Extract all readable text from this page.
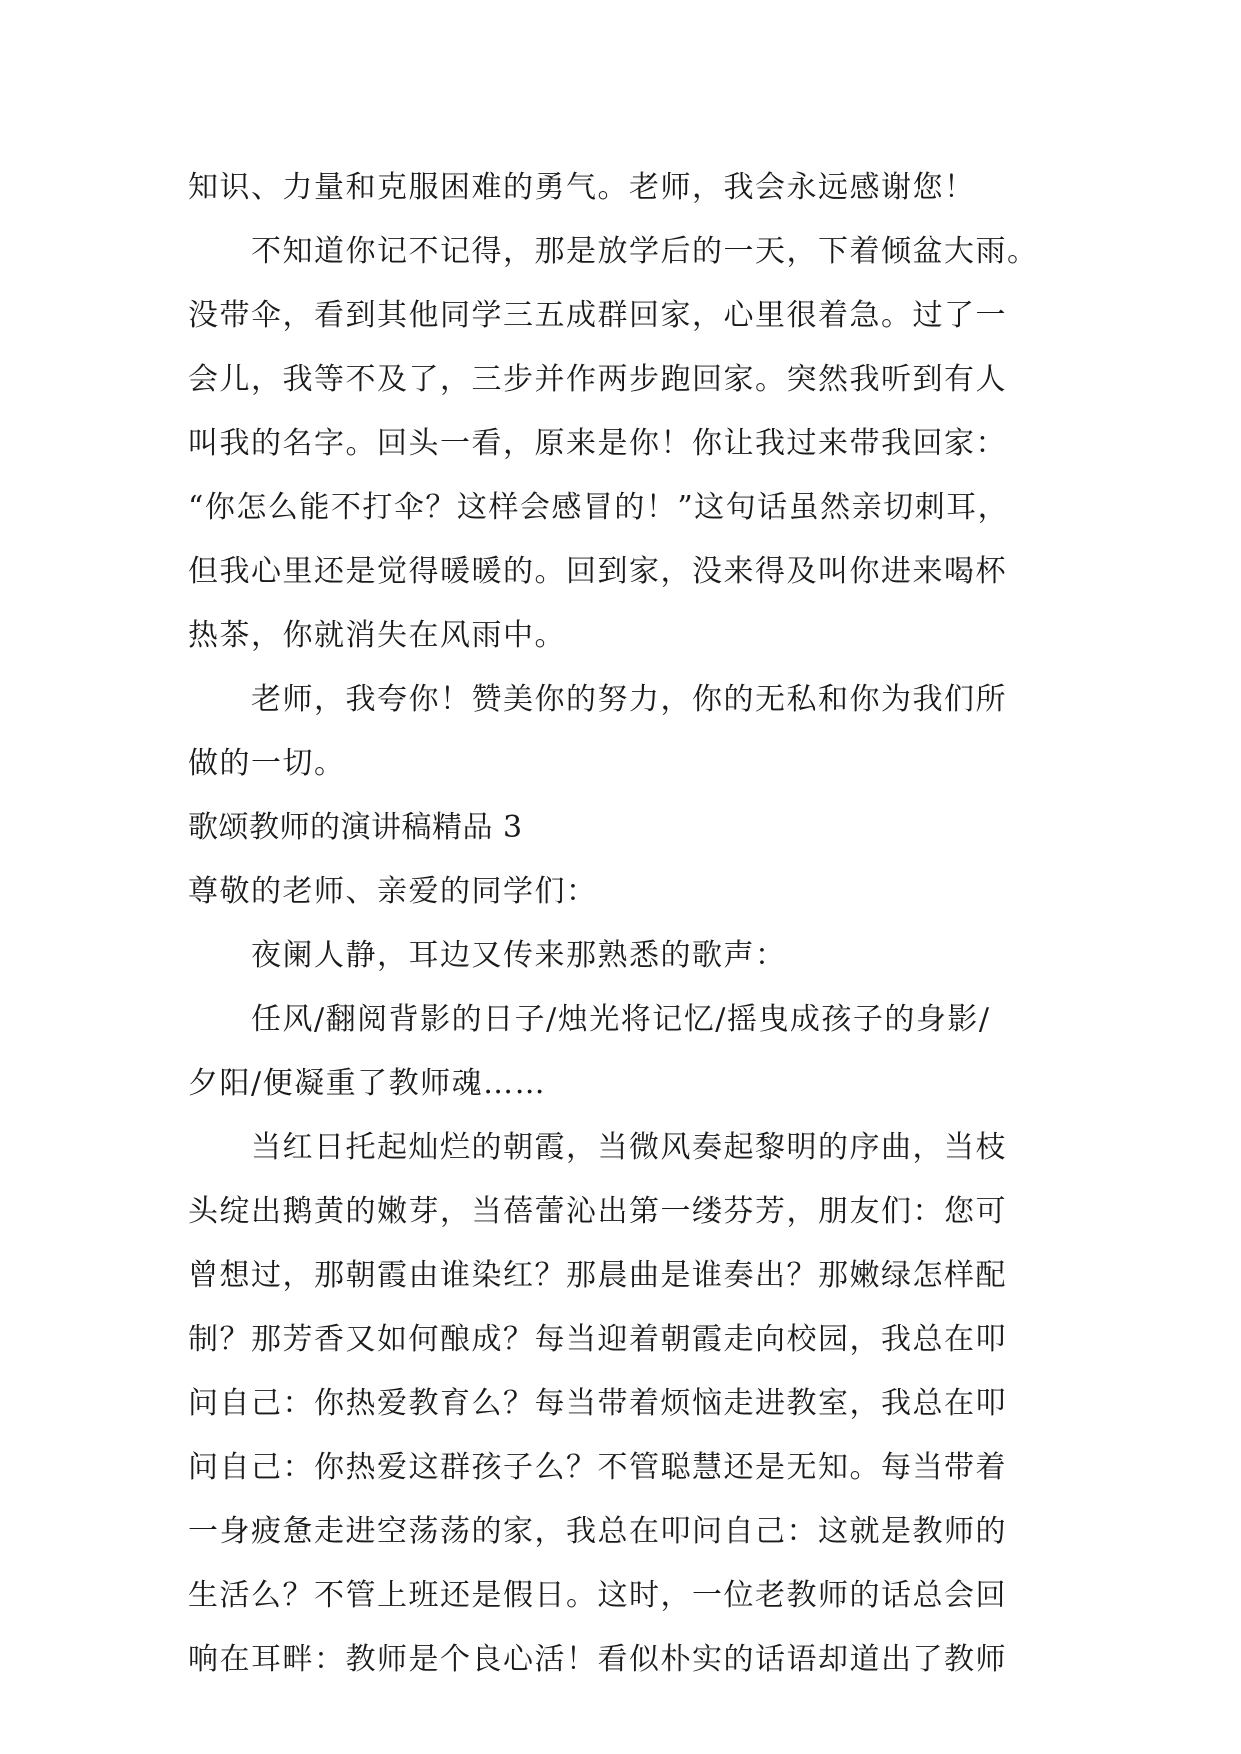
知识、力量和克服困难的勇气。老师，我会永远感谢您！
不知道你记不记得，那是放学后的一天，下着倾盆大雨。
没带伞，看到其他同学三五成群回家，心里很着急。过了一
会儿，我等不及了，三步并作两步跑回家。突然我听到有人
叫我的名字。回头一看，原来是你！你让我过来带我回家：
“你怎么能不打伞？这样会感冒的！”这句话虽然亲切刺耳，
但我心里还是觉得暖暖的。回到家，没来得及叫你进来喝杯
热茶，你就消失在风雨中。
老师，我夸你！赞美你的努力，你的无私和你为我们所
做的一切。
歌颂教师的演讲稿精品 3
尊敬的老师、亲爱的同学们：
夜阑人静，耳边又传来那熟悉的歌声：
任风/翻阅背影的日子/烛光将记忆/摇曳成孩子的身影/
夕阳/便凝重了教师魂……
当红日托起灿烂的朝霞，当微风奏起黎明的序曲，当枝
头绽出鹅黄的嫩芽，当蓓蕾沁出第一缕芬芳，朋友们：您可
曾想过，那朝霞由谁染红？那晨曲是谁奏出？那嫩绿怎样配
制？那芳香又如何酿成？每当迎着朝霞走向校园，我总在叩
问自己：你热爱教育么？每当带着烦恼走进教室，我总在叩
问自己：你热爱这群孩子么？不管聪慧还是无知。每当带着
一身疲惫走进空荡荡的家，我总在叩问自己：这就是教师的
生活么？不管上班还是假日。这时，一位老教师的话总会回
响在耳畔：教师是个良心活！看似朴实的话语却道出了教师
